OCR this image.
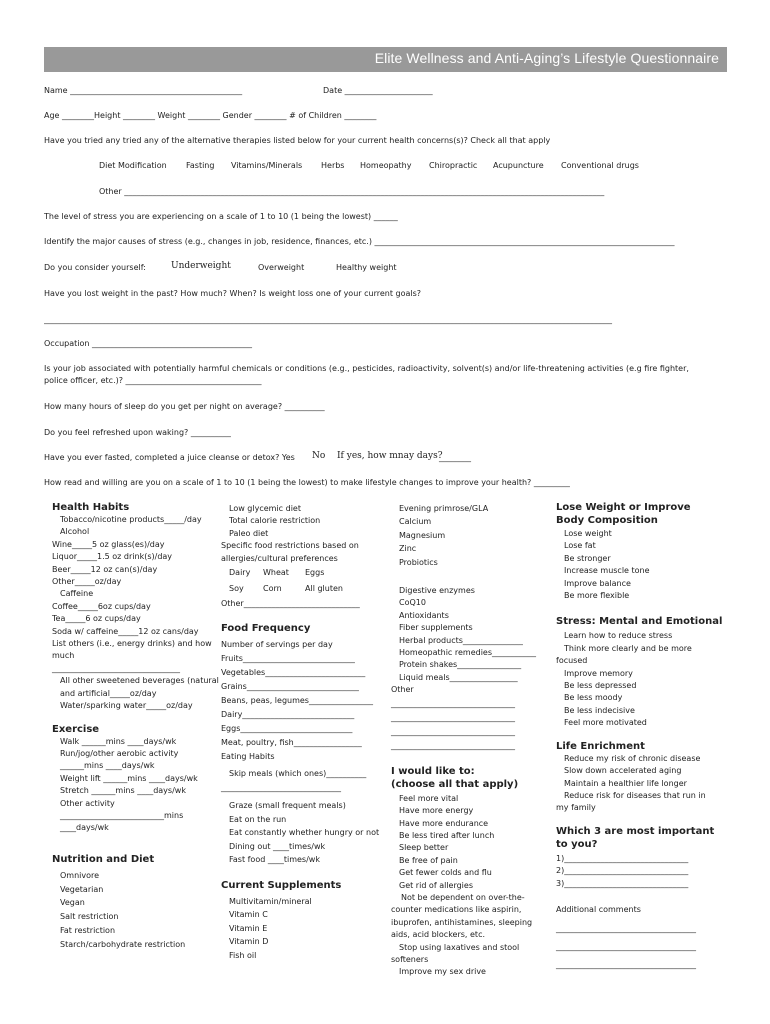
Elite Wellness and Anti-Aging’s Lifestyle Questionnaire
Name ___________________________________________	Date ______________________
Age ________Height ________ Weight ________ Gender ________ # of Children ________
Have you tried any tried any of the alternative therapies listed below for your current health concerns(s)? Check all that apply
Diet Modification Fasting Vitamins/Minerals Herbs Homeopathy Chiropractic Acupuncture Conventional drugs
Other ________________________________________________________________________________________________________________________
The level of stress you are experiencing on a scale of 1 to 10 (1 being the lowest) ______
Identify the major causes of stress (e.g., changes in job, residence, finances, etc.) ___________________________________________________________________________
Do you consider yourself:	Underweight	Overweight	Healthy weight
Have you lost weight in the past? How much? When? Is weight loss one of your current goals?
______________________________________________________________________________________________________________________________________________
Occupation ________________________________________
Is your job associated with potentially harmful chemicals or conditions (e.g., pesticides, radioactivity, solvent(s) and/or life-threatening activities (e.g fire fighter,
police officer, etc.)? __________________________________
How many hours of sleep do you get per night on average? __________
Do you feel refreshed upon waking? __________
Have you ever fasted, completed a juice cleanse or detox? Yes No If yes, how mnay days?
________
How read and willing are you on a scale of 1 to 10 (1 being the lowest) to make lifestyle changes to improve your health? _________
Health Habits
Tobacco/nicotine products_____/day
Alcohol
Wine_____5 oz glass(es)/day
Liquor_____1.5 oz drink(s)/day
Beer_____12 oz can(s)/day
Other_____oz/day
Caffeine
Coffee_____6oz cups/day
Tea_____6 oz cups/day
Soda w/ caffeine_____12 oz cans/day
List others (i.e., energy drinks) and how much
________________________________
All other sweetened beverages (natural and artificial_____oz/day
Water/sparking water_____oz/day
Exercise
Walk ______mins ____days/wk
Run/jog/other aerobic activity
______mins ____days/wk
Weight lift ______mins ____days/wk
Stretch ______mins ____days/wk
Other activity
__________________________mins
____days/wk
Nutrition and Diet
Omnivore
Vegetarian
Vegan
Salt restriction
Fat restriction
Starch/carbohydrate restriction
Low glycemic diet
Total calorie restriction
Paleo diet
Specific food restrictions based on
allergies/cultural preferences
Dairy Wheat Eggs
Soy Corn	All gluten
Other_____________________________
Food Frequency
Number of servings per day
Fruits____________________________
Vegetables_________________________
Grains____________________________
Beans, peas, legumes________________
Dairy____________________________
Eggs____________________________
Meat, poultry, fish_________________
Eating Habits
Skip meals (which ones)__________
______________________________
Graze (small frequent meals)
Eat on the run
Eat constantly whether hungry or not
Dining out ____times/wk
Fast food ____times/wk
Current Supplements
Multivitamin/mineral
Vitamin C
Vitamin E
Vitamin D
Fish oil
Evening primrose/GLA
Calcium
Magnesium
Zinc
Probiotics
Digestive enzymes
CoQ10
Antioxidants
Fiber supplements
Herbal products_______________
Homeopathic remedies___________
Protein shakes________________
Liquid meals_________________
Other
_______________________________
_______________________________
_______________________________
_______________________________
I would like to:
(choose all that apply)
Feel more vital
Have more energy
Have more endurance
Be less tired after lunch
Sleep better
Be free of pain
Get fewer colds and flu
Get rid of allergies
Not be dependent on over-the-counter medications like aspirin, ibuprofen, antihistamines, sleeping aids, acid blockers, etc.
Stop using laxatives and stool softeners
Improve my sex drive
Lose Weight or Improve Body Composition
Lose weight
Lose fat
Be stronger
Increase muscle tone
Improve balance
Be more flexible
Stress: Mental and Emotional
Learn how to reduce stress
Think more clearly and be more focused
Improve memory
Be less depressed
Be less moody
Be less indecisive
Feel more motivated
Life Enrichment
Reduce my risk of chronic disease
Slow down accelerated aging
Maintain a healthier life longer
Reduce risk for diseases that run in my family
Which 3 are most important to you?
1)_______________________________
2)_______________________________
3)_______________________________
Additional comments
___________________________________
___________________________________
___________________________________
